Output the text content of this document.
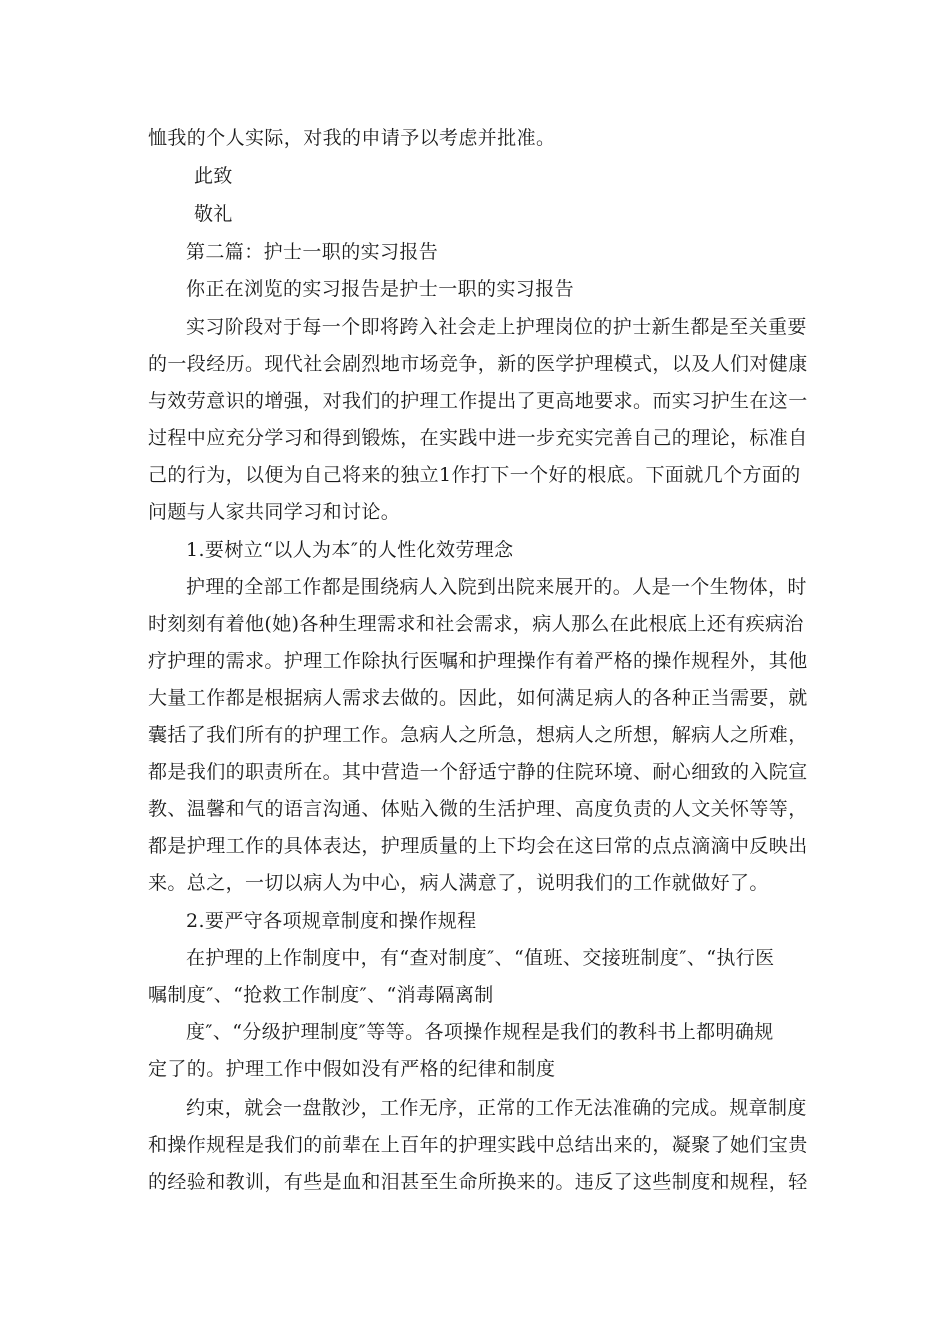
恤我的个人实际，对我的申请予以考虑并批准。
此致
敬礼
第二篇：护士一职的实习报告
你正在浏览的实习报告是护士一职的实习报告
实习阶段对于每一个即将跨入社会走上护理岗位的护士新生都是至关重要
的一段经历。现代社会剧烈地市场竞争，新的医学护理模式，以及人们对健康
与效劳意识的增强，对我们的护理工作提出了更高地要求。而实习护生在这一
过程中应充分学习和得到锻炼，在实践中进一步充实完善自己的理论，标准自
己的行为，以便为自己将来的独立1作打下一个好的根底。下面就几个方面的
问题与人家共同学习和讨论。
1.要树立“以人为本″的人性化效劳理念
护理的全部工作都是围绕病人入院到出院来展开的。人是一个生物体，时
时刻刻有着他(她)各种生理需求和社会需求，病人那么在此根底上还有疾病治
疗护理的需求。护理工作除执行医嘱和护理操作有着严格的操作规程外，其他
大量工作都是根据病人需求去做的。因此，如何满足病人的各种正当需要，就
囊括了我们所有的护理工作。急病人之所急，想病人之所想，解病人之所难，
都是我们的职责所在。其中营造一个舒适宁静的住院环境、耐心细致的入院宣
教、温馨和气的语言沟通、体贴入微的生活护理、高度负责的人文关怀等等，
都是护理工作的具体表达，护理质量的上下均会在这曰常的点点滴滴中反映出
来。总之，一切以病人为中心，病人满意了，说明我们的工作就做好了。
2.要严守各项规章制度和操作规程
在护理的上作制度中，有“查对制度″、“值班、交接班制度″、“执行医
嘱制度″、“抢救工作制度″、“消毒隔离制
度″、“分级护理制度″等等。各项操作规程是我们的教科书上都明确规
定了的。护理工作中假如没有严格的纪律和制度
约束，就会一盘散沙，工作无序，正常的工作无法准确的完成。规章制度
和操作规程是我们的前辈在上百年的护理实践中总结出来的，凝聚了她们宝贵
的经验和教训，有些是血和泪甚至生命所换来的。违反了这些制度和规程，轻
